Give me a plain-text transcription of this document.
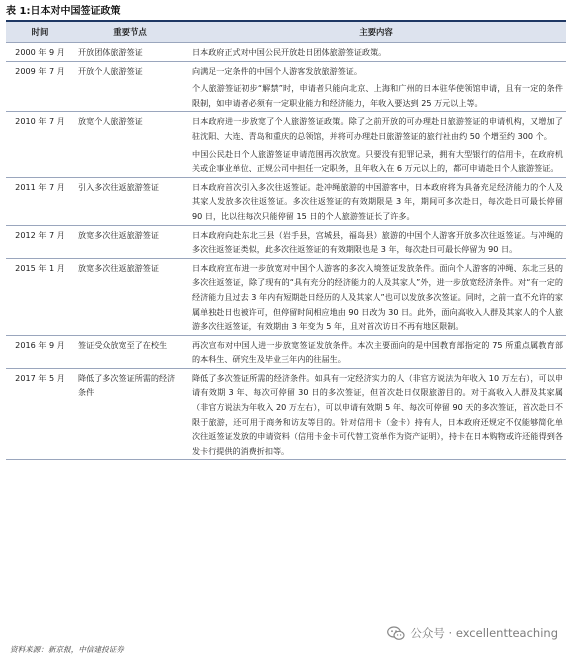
表 1:日本对中国签证政策
时间	重要节点	主要内容
2000 年 9 月	开放团体旅游签证	日本政府正式对中国公民开放赴日团体旅游签证政策。

2009 年 7 月	开放个人旅游签证	向满足一定条件的中国个人游客发放旅游签证。

个人旅游签证初步“解禁”时，申请者只能向北京、上海和广州的日本驻华使领馆申请，且有一定的条件限制，如申请者必须有一定职业能力和经济能力，年收入要达到 25 万元以上等。

2010 年 7 月	放宽个人旅游签证	日本政府进一步放宽了个人旅游签证政策。除了之前开放的可办理赴日旅游签证的申请机构，又增加了驻沈阳、大连、青岛和重庆的总领馆，并将可办理赴日旅游签证的旅行社由约 50 个增至约 300 个。

中国公民赴日个人旅游签证申请范围再次放宽。只要没有犯罪记录，拥有大型银行的信用卡，在政府机关或企事业单位、正规公司中担任一定职务，且年收入在 6 万元以上的，都可申请赴日个人旅游签证。

2011 年 7 月	引入多次往返旅游签证	日本政府首次引入多次往返签证。赴冲绳旅游的中国游客中，日本政府将为具备充足经济能力的个人及其家人发放多次往返签证。多次往返签证的有效期限是 3 年，期间可多次赴日，每次赴日可最长停留 90 日，比以往每次只能停留 15 日的个人旅游签证长了许多。

2012 年 7 月	放宽多次往返旅游签证	日本政府向赴东北三县（岩手县，宫城县，福岛县）旅游的中国个人游客开放多次往返签证。与冲绳的多次往返签证类似，此多次往返签证的有效期限也是 3 年，每次赴日可最长停留为 90 日。

2015 年 1 月	放宽多次往返旅游签证	日本政府宣布进一步放宽对中国个人游客的多次入境签证发放条件。面向个人游客的冲绳、东北三县的多次往返签证，除了现有的“具有充分的经济能力的人及其家人”外，进一步放宽经济条件。对“有一定的经济能力且过去 3 年内有短期赴日经历的人及其家人”也可以发放多次签证。同时，之前一直不允许的家属单独赴日也被许可，但停留时间相应地由 90 日改为 30 日。此外，面向高收入人群及其家人的个人旅游多次往返签证，有效期由 3 年变为 5 年，且对首次访日不再有地区限制。

2016 年 9 月	签证受众放宽至了在校生	再次宣布对中国人进一步放宽签证发放条件。本次主要面向的是中国教育部指定的 75 所重点属教育部的本科生、研究生及毕业三年内的往届生。

2017 年 5 月	降低了多次签证所需的经济条件	降低了多次签证所需的经济条件。如具有一定经济实力的人（非官方说法为年收入 10 万左右），可以申请有效期 3 年、每次可停留 30 日的多次签证，但首次赴日仅限旅游目的。对于高收入人群及其家属（非官方说法为年收入 20 万左右），可以申请有效期 5 年、每次可停留 90 天的多次签证，首次赴日不限于旅游，还可用于商务和访友等目的。针对信用卡（金卡）持有人，日本政府还规定不仅能够简化单次往返签证发放的申请资料（信用卡金卡可代替工资单作为资产证明），持卡在日本购物或许还能得到各发卡行提供的消费折扣等。

公众号 · excellentteaching
资料来源：新京报，中信建投证券
